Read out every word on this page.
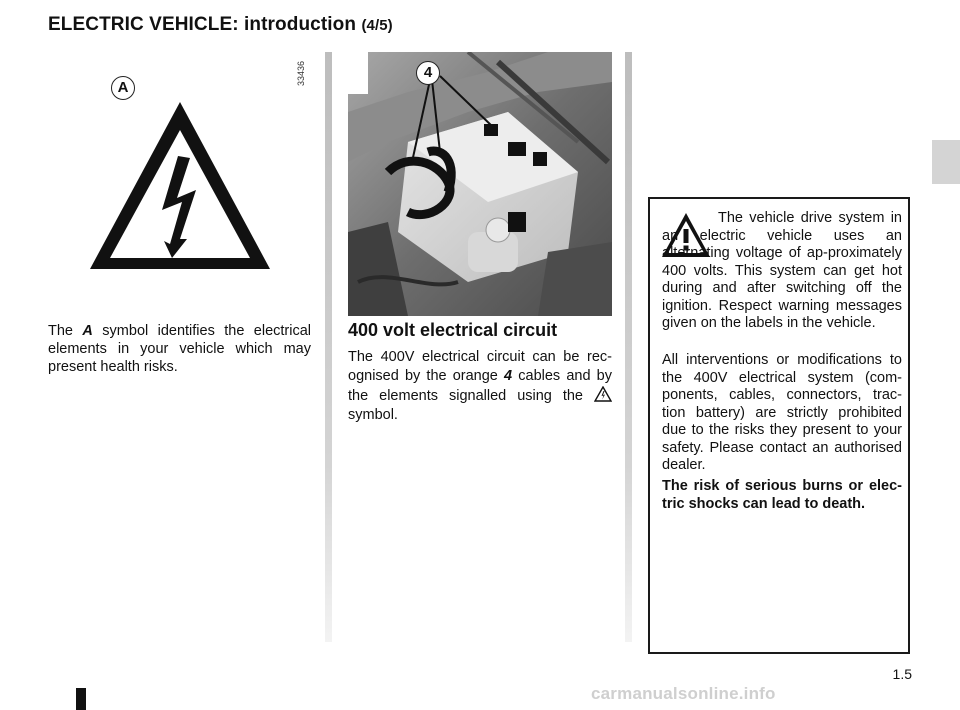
ELECTRIC VEHICLE: introduction (4/5)
A
33436

The A symbol identifies the electrical elements in your vehicle which may present health risks.

4
400 volt electrical circuit

The 400V electrical circuit can be rec-ognised by the orange 4 cables and by the elements signalled using the  symbol.

The vehicle drive system in an electric vehicle uses an alternating voltage of ap-proximately 400 volts. This system can get hot during and after switching off the ignition. Respect warning messages given on the labels in the vehicle.

All interventions or modifications to the 400V electrical system (com-ponents, cables, connectors, trac-tion battery) are strictly prohibited due to the risks they present to your safety. Please contact an authorised dealer.

The risk of serious burns or elec-tric shocks can lead to death.

1.5
carmanualsonline.info
